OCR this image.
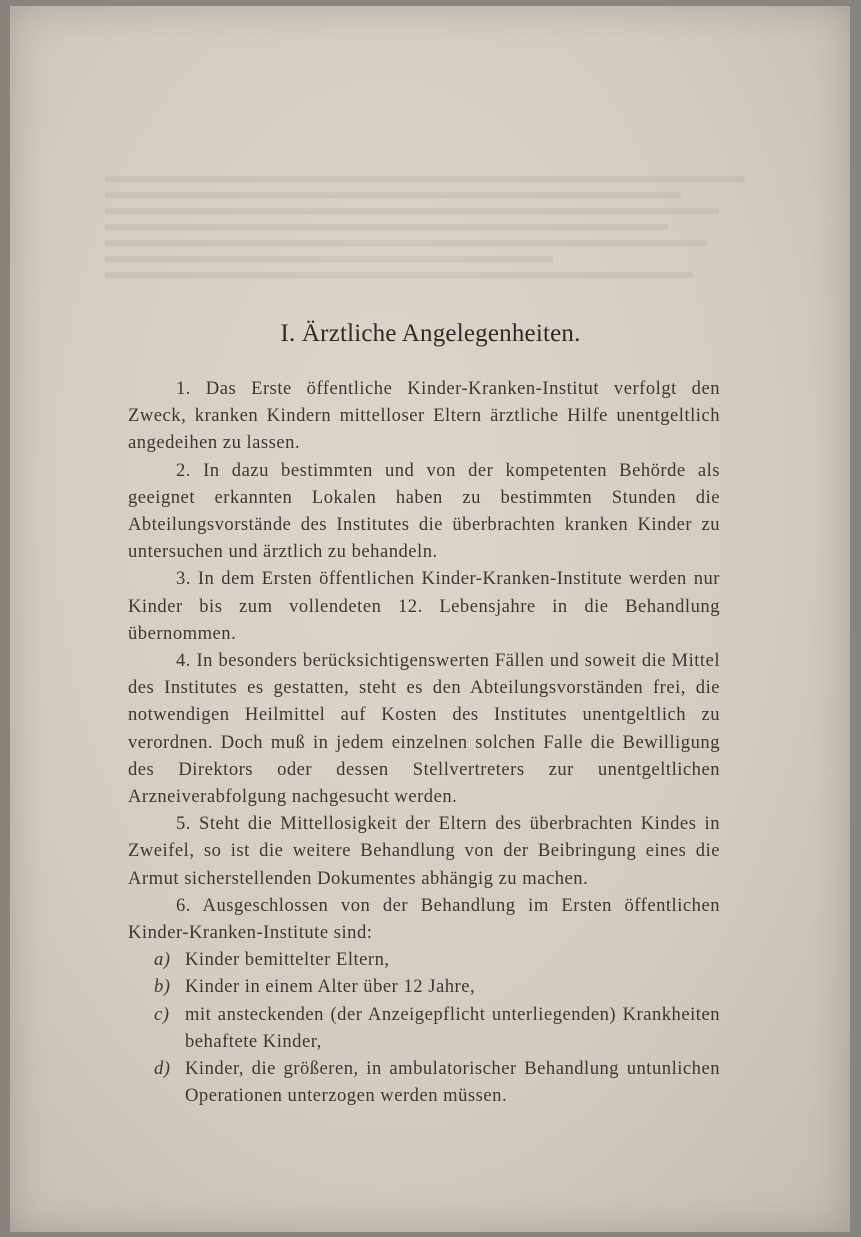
I. Ärztliche Angelegenheiten.

1. Das Erste öffentliche Kinder-Kranken-Institut verfolgt den Zweck, kranken Kindern mittelloser Eltern ärztliche Hilfe unentgeltlich angedeihen zu lassen.

2. In dazu bestimmten und von der kompetenten Behörde als geeignet erkannten Lokalen haben zu bestimmten Stunden die Abteilungsvorstände des Institutes die überbrachten kranken Kinder zu untersuchen und ärztlich zu behandeln.

3. In dem Ersten öffentlichen Kinder-Kranken-Institute werden nur Kinder bis zum vollendeten 12. Lebensjahre in die Behandlung übernommen.

4. In besonders berücksichtigenswerten Fällen und soweit die Mittel des Institutes es gestatten, steht es den Abteilungsvorständen frei, die notwendigen Heilmittel auf Kosten des Institutes unentgeltlich zu verordnen. Doch muß in jedem einzelnen solchen Falle die Bewilligung des Direktors oder dessen Stellvertreters zur unentgeltlichen Arzneiverabfolgung nachgesucht werden.

5. Steht die Mittellosigkeit der Eltern des überbrachten Kindes in Zweifel, so ist die weitere Behandlung von der Beibringung eines die Armut sicherstellenden Dokumentes abhängig zu machen.

6. Ausgeschlossen von der Behandlung im Ersten öffentlichen Kinder-Kranken-Institute sind:

a) Kinder bemittelter Eltern,
b) Kinder in einem Alter über 12 Jahre,
c) mit ansteckenden (der Anzeigepflicht unterliegenden) Krankheiten behaftete Kinder,
d) Kinder, die größeren, in ambulatorischer Behandlung untunlichen Operationen unterzogen werden müssen.
